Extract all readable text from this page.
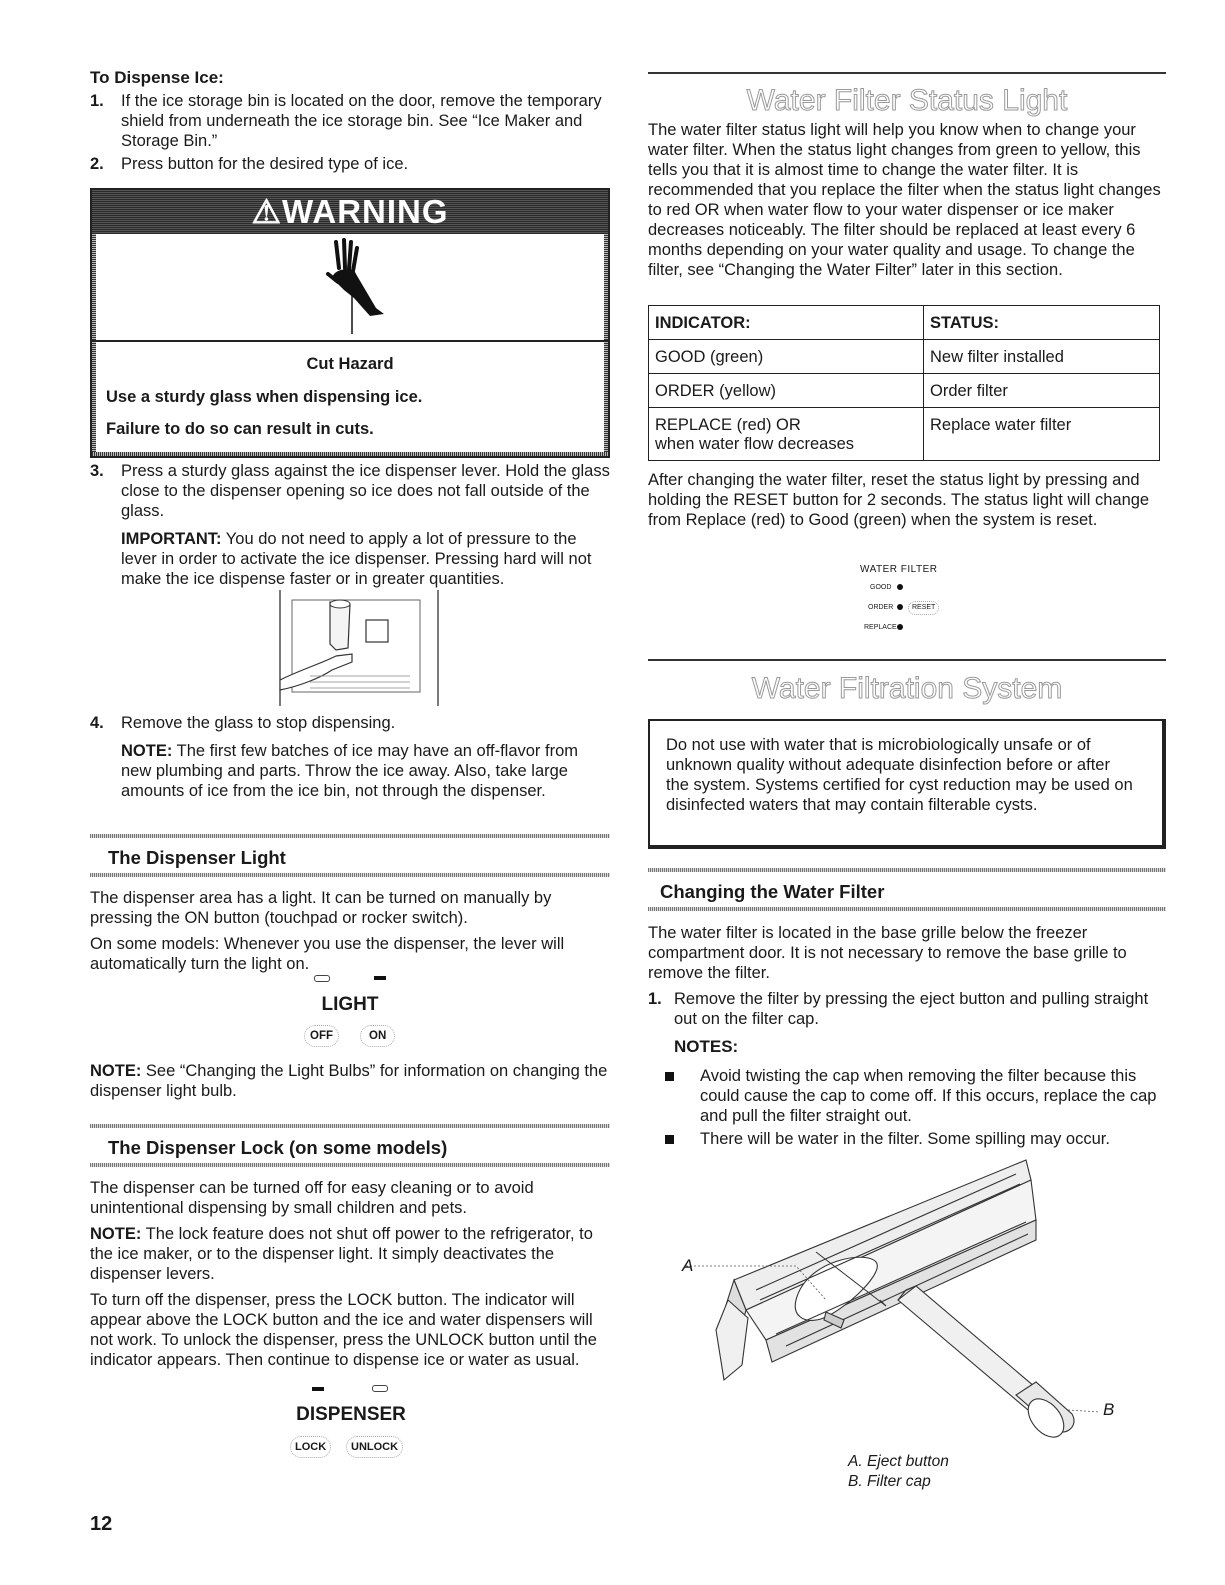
To Dispense Ice:
1. If the ice storage bin is located on the door, remove the temporary shield from underneath the ice storage bin. See “Ice Maker and Storage Bin.”

2. Press button for the desired type of ice.

⚠WARNING
Cut Hazard
Use a sturdy glass when dispensing ice.
Failure to do so can result in cuts.
3. Press a sturdy glass against the ice dispenser lever. Hold the glass close to the dispenser opening so ice does not fall outside of the glass.

IMPORTANT: You do not need to apply a lot of pressure to the lever in order to activate the ice dispenser. Pressing hard will not make the ice dispense faster or in greater quantities.

4. Remove the glass to stop dispensing.

NOTE: The first few batches of ice may have an off-flavor from new plumbing and parts. Throw the ice away. Also, take large amounts of ice from the ice bin, not through the dispenser.

The Dispenser Light

The dispenser area has a light. It can be turned on manually by pressing the ON button (touchpad or rocker switch).

On some models: Whenever you use the dispenser, the lever will automatically turn the light on.

LIGHT
OFF	ON

NOTE: See “Changing the Light Bulbs” for information on changing the dispenser light bulb.

The Dispenser Lock (on some models)

The dispenser can be turned off for easy cleaning or to avoid unintentional dispensing by small children and pets.

NOTE: The lock feature does not shut off power to the refrigerator, to the ice maker, or to the dispenser light. It simply deactivates the dispenser levers.

To turn off the dispenser, press the LOCK button. The indicator will appear above the LOCK button and the ice and water dispensers will not work. To unlock the dispenser, press the UNLOCK button until the indicator appears. Then continue to dispense ice or water as usual.

DISPENSER
LOCK	UNLOCK
12
Water Filter Status Light

The water filter status light will help you know when to change your water filter. When the status light changes from green to yellow, this tells you that it is almost time to change the water filter. It is recommended that you replace the filter when the status light changes to red OR when water flow to your water dispenser or ice maker decreases noticeably. The filter should be replaced at least every 6 months depending on your water quality and usage. To change the filter, see “Changing the Water Filter” later in this section.

INDICATOR:	STATUS:
GOOD (green)	New filter installed
ORDER (yellow)	Order filter
REPLACE (red) OR
when water flow decreases	Replace water filter

After changing the water filter, reset the status light by pressing and holding the RESET button for 2 seconds. The status light will change from Replace (red) to Good (green) when the system is reset.

WATER FILTER
GOOD
ORDER	RESET
REPLACE
Water Filtration System

Do not use with water that is microbiologically unsafe or of unknown quality without adequate disinfection before or after the system. Systems certified for cyst reduction may be used on disinfected waters that may contain filterable cysts.

Changing the Water Filter

The water filter is located in the base grille below the freezer compartment door. It is not necessary to remove the base grille to remove the filter.

1. Remove the filter by pressing the eject button and pulling straight out on the filter cap.

NOTES:

Avoid twisting the cap when removing the filter because this could cause the cap to come off. If this occurs, replace the cap and pull the filter straight out.

There will be water in the filter. Some spilling may occur.

A
B
A. Eject button
B. Filter cap
